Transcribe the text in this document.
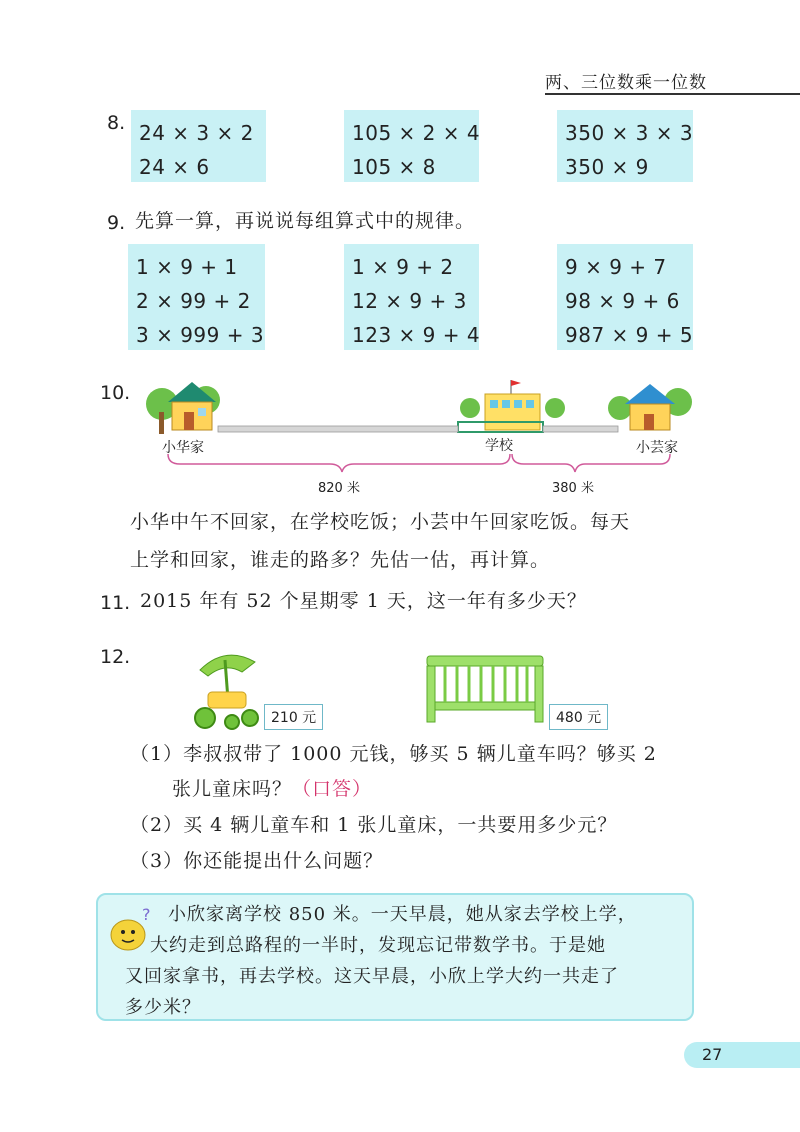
两、三位数乘一位数
8. 24 × 3 × 2
24 × 6
105 × 2 × 4
105 × 8
350 × 3 × 3
350 × 9
9. 先算一算，再说说每组算式中的规律。
1 × 9 + 1
2 × 99 + 2
3 × 999 + 3
1 × 9 + 2
12 × 9 + 3
123 × 9 + 4
9 × 9 + 7
98 × 9 + 6
987 × 9 + 5
10.
小华家	学校	小芸家
820 米	380 米
小华中午不回家，在学校吃饭；小芸中午回家吃饭。每天
上学和回家，谁走的路多？先估一估，再计算。
11. 2015 年有 52 个星期零 1 天，这一年有多少天？
12.
210 元	480 元
（1）李叔叔带了 1000 元钱，够买 5 辆儿童车吗？够买 2
张儿童床吗？（口答）
（2）买 4 辆儿童车和 1 张儿童床，一共要用多少元？
（3）你还能提出什么问题？
? 小欣家离学校 850 米。一天早晨，她从家去学校上学，
大约走到总路程的一半时，发现忘记带数学书。于是她
又回家拿书，再去学校。这天早晨，小欣上学大约一共走了
多少米？
27
